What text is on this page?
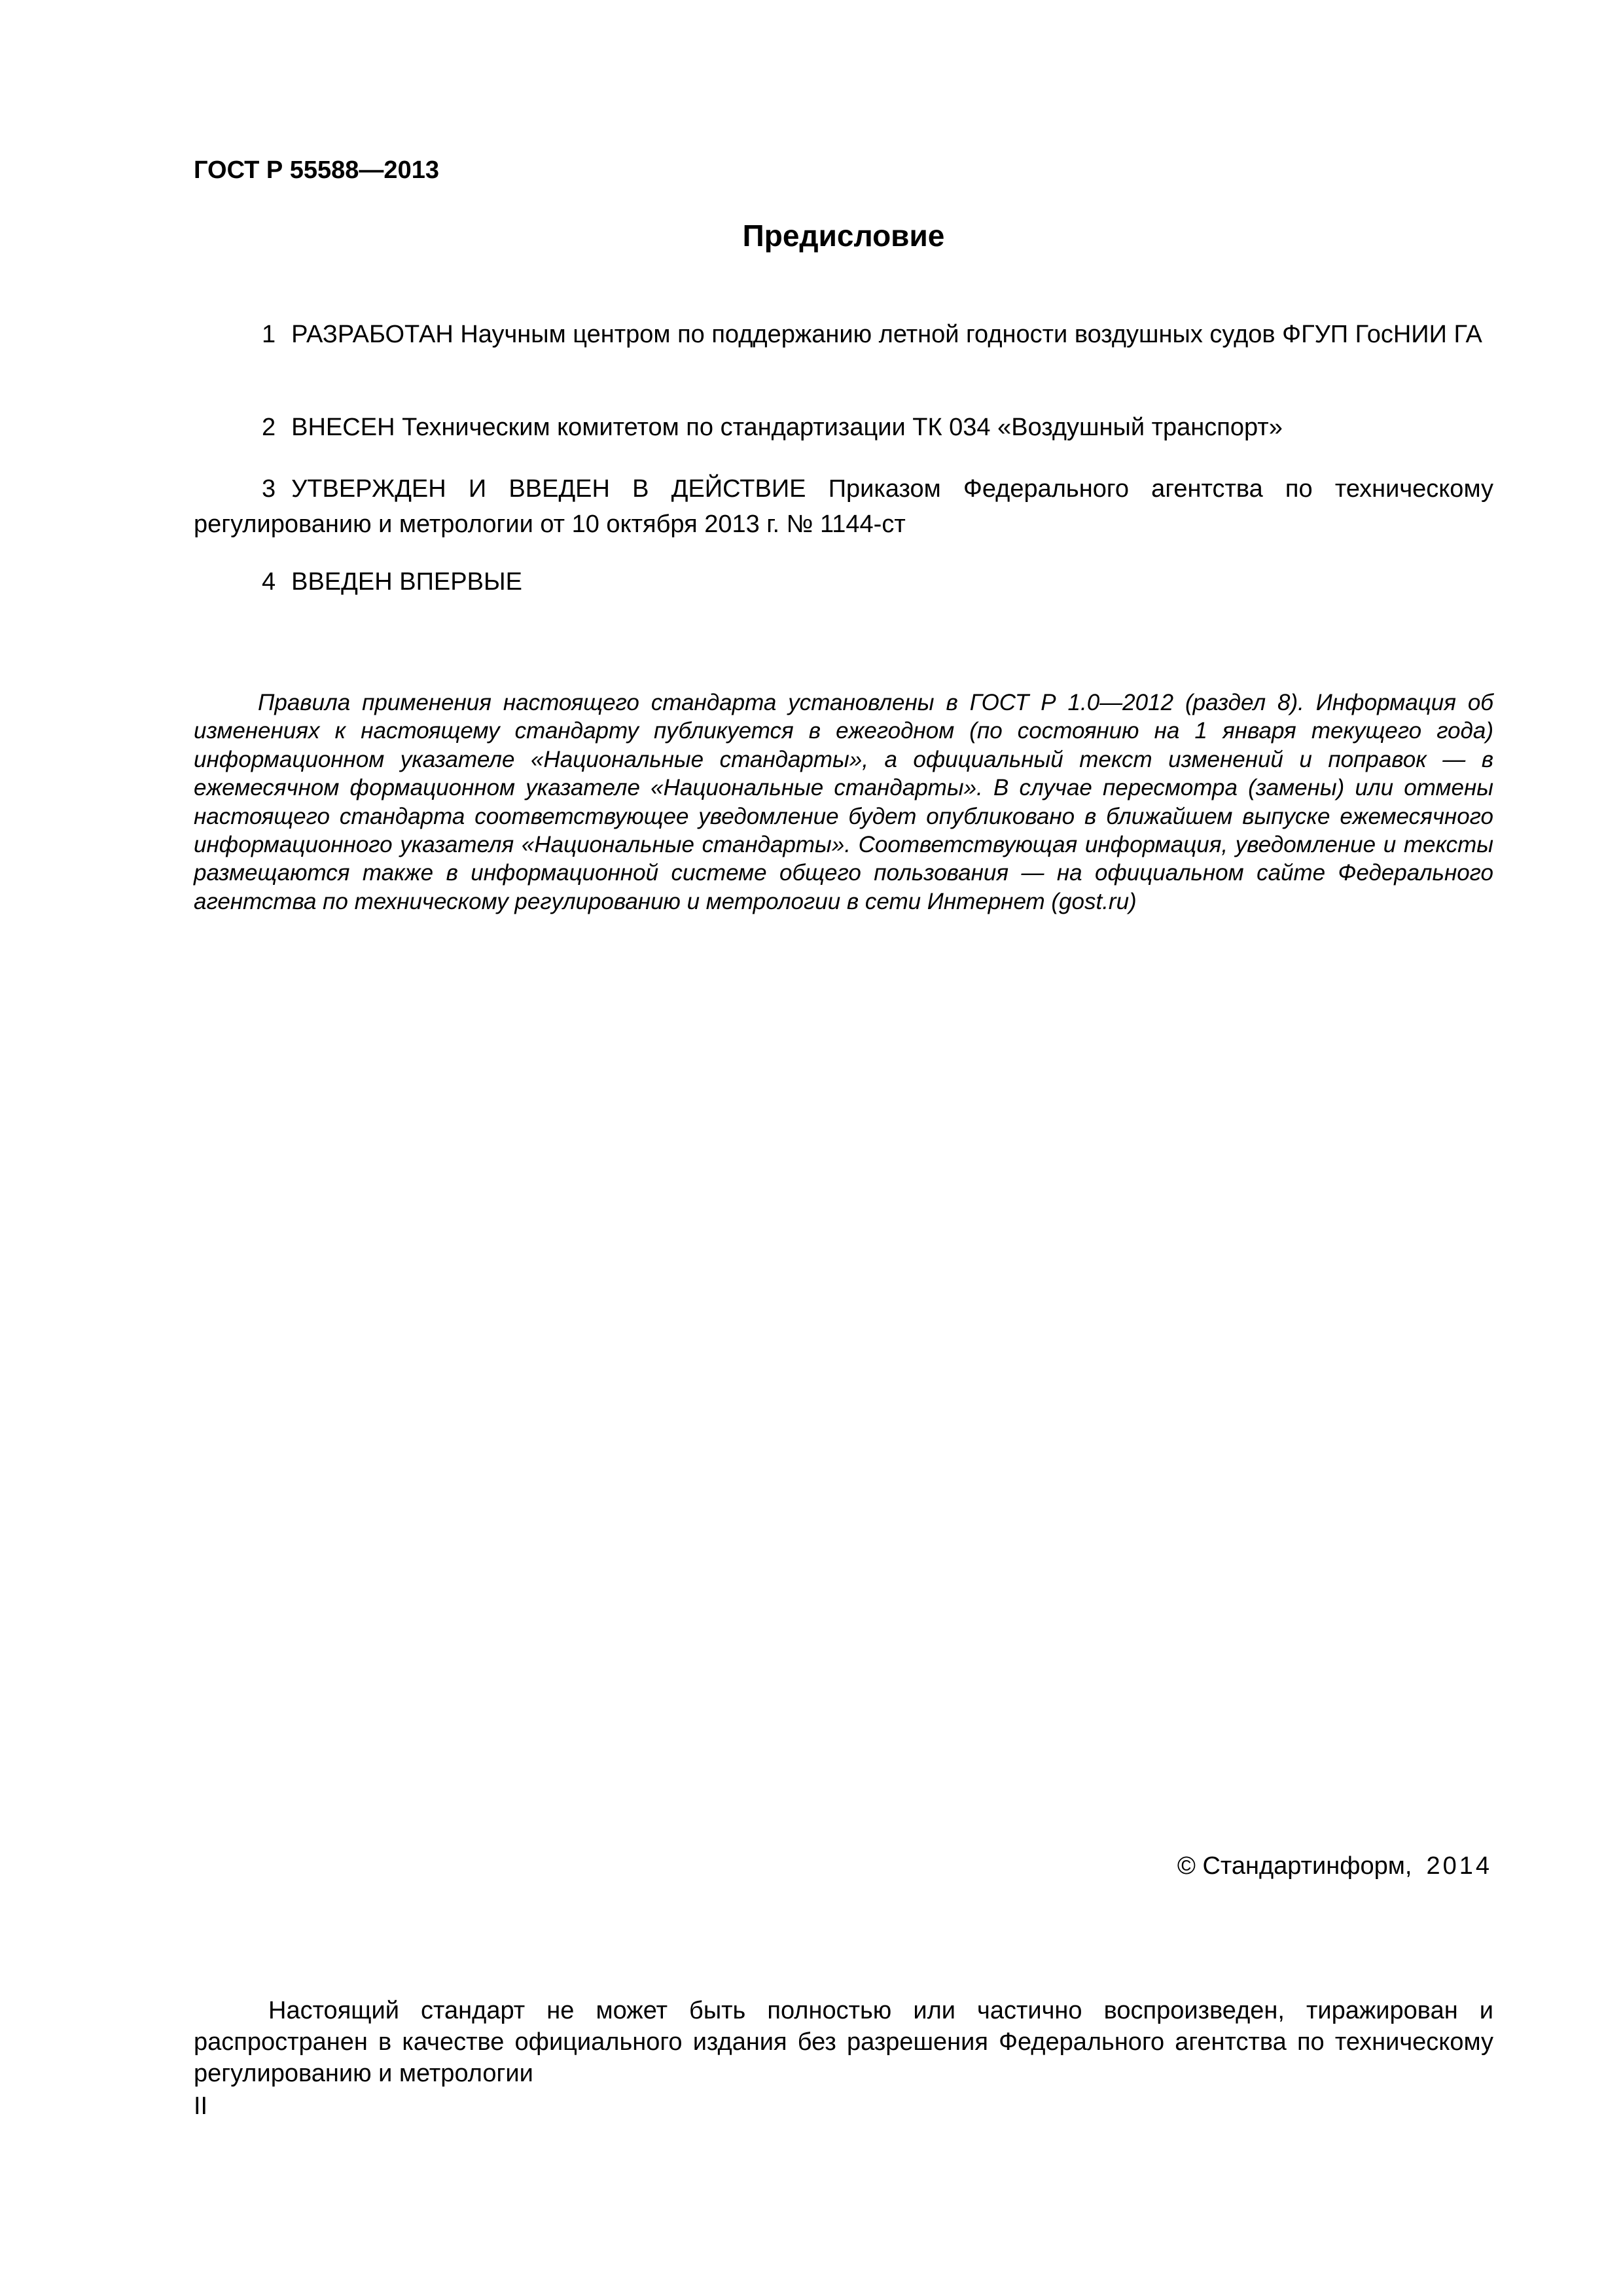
ГОСТ Р 55588—2013
Предисловие
1 РАЗРАБОТАН Научным центром по поддержанию летной годности воздушных судов ФГУП ГосНИИ ГА
2 ВНЕСЕН Техническим комитетом по стандартизации ТК 034 «Воздушный транспорт»
3 УТВЕРЖДЕН И ВВЕДЕН В ДЕЙСТВИЕ Приказом Федерального агентства по техническому регулированию и метрологии от 10 октября 2013 г. № 1144-ст
4 ВВЕДЕН ВПЕРВЫЕ
Правила применения настоящего стандарта установлены в ГОСТ Р 1.0—2012 (раздел 8). Информация об изменениях к настоящему стандарту публикуется в ежегодном (по состоянию на 1 января текущего года) информационном указателе «Национальные стандарты», а официальный текст изменений и поправок — в ежемесячном формационном указателе «Национальные стандарты». В случае пересмотра (замены) или отмены настоящего стандарта соответствующее уведомление будет опубликовано в ближайшем выпуске ежемесячного информационного указателя «Национальные стандарты». Соответствующая информация, уведомление и тексты размещаются также в информационной системе общего пользования — на официальном сайте Федерального агентства по техническому регулированию и метрологии в сети Интернет (gost.ru)
© Стандартинформ, 2014
Настоящий стандарт не может быть полностью или частично воспроизведен, тиражирован и распространен в качестве официального издания без разрешения Федерального агентства по техническому регулированию и метрологии
II
